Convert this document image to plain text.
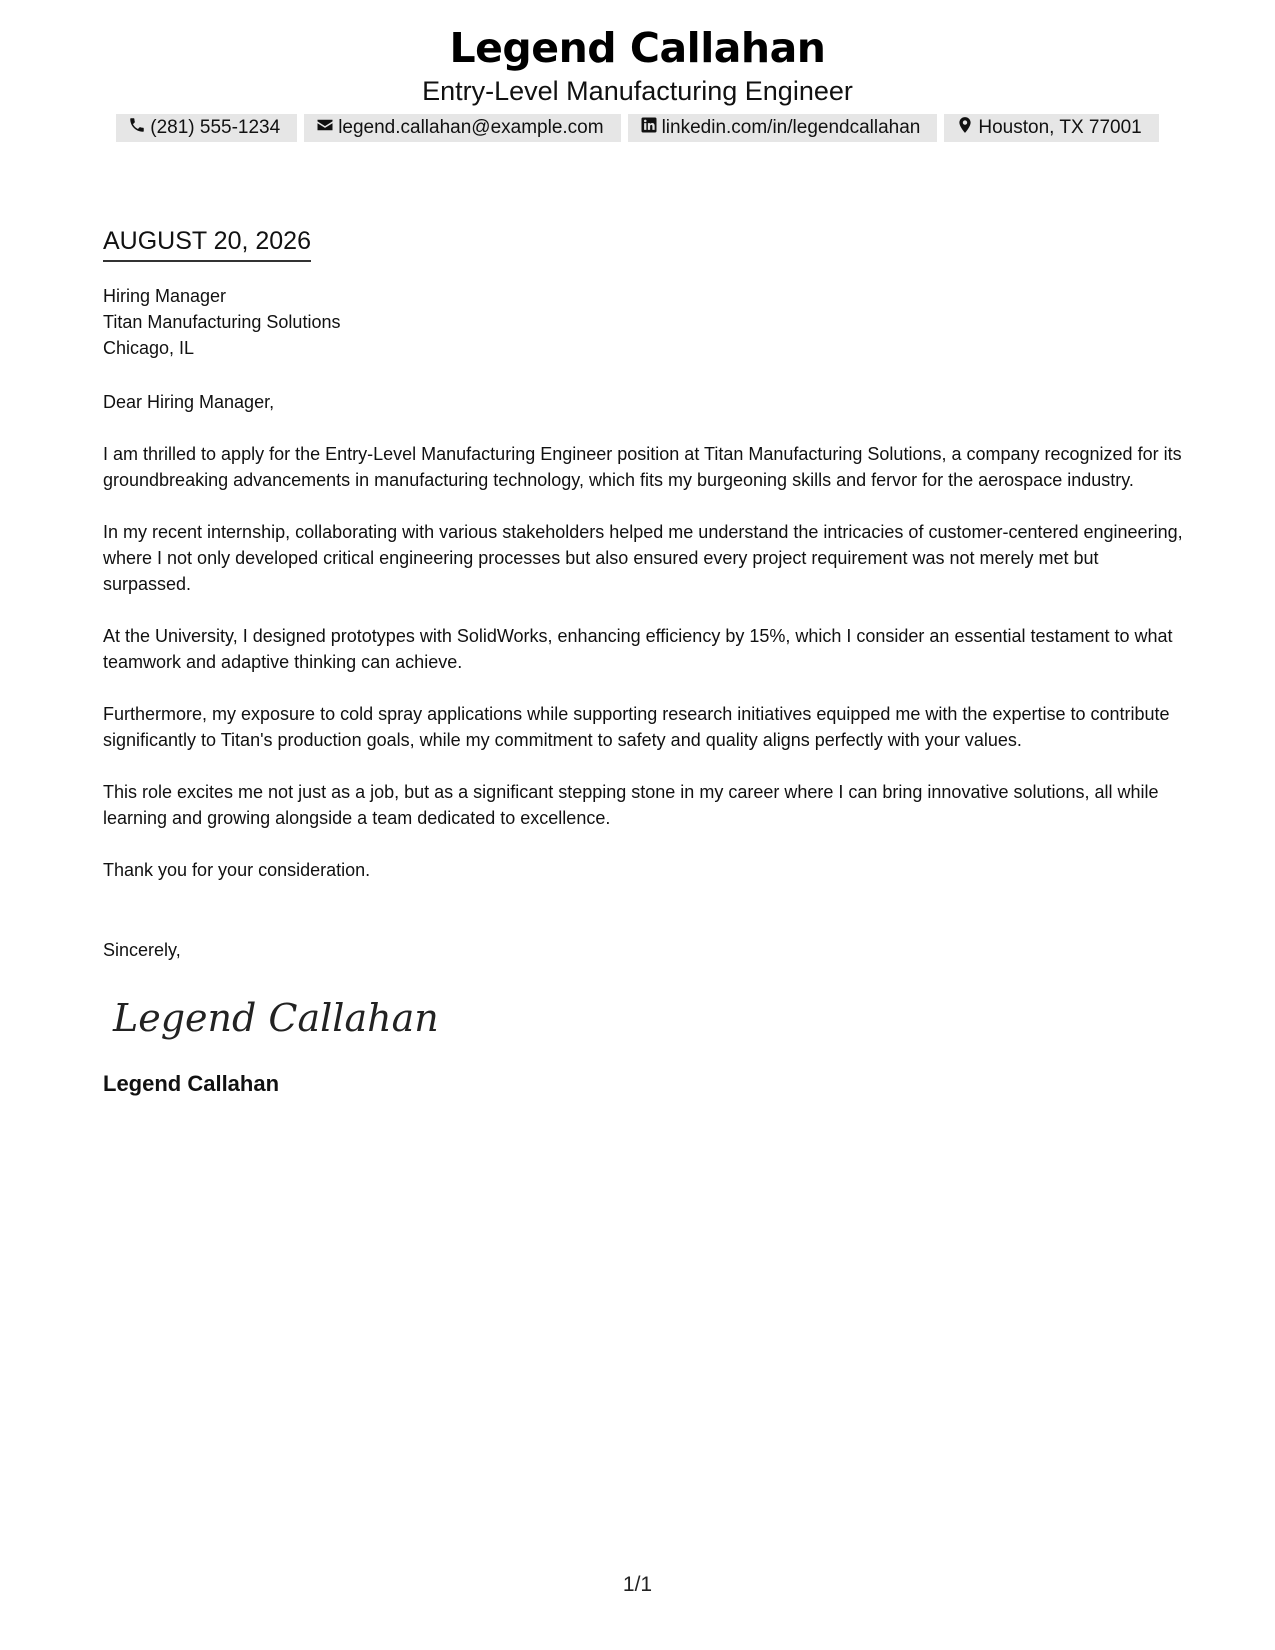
Legend Callahan
Entry-Level Manufacturing Engineer
(281) 555-1234	legend.callahan@example.com	linkedin.com/in/legendcallahan	Houston, TX 77001
AUGUST 20, 2026
Hiring Manager
Titan Manufacturing Solutions
Chicago, IL
Dear Hiring Manager,
I am thrilled to apply for the Entry-Level Manufacturing Engineer position at Titan Manufacturing Solutions, a company recognized for its groundbreaking advancements in manufacturing technology, which fits my burgeoning skills and fervor for the aerospace industry.
In my recent internship, collaborating with various stakeholders helped me understand the intricacies of customer-centered engineering, where I not only developed critical engineering processes but also ensured every project requirement was not merely met but surpassed.
At the University, I designed prototypes with SolidWorks, enhancing efficiency by 15%, which I consider an essential testament to what teamwork and adaptive thinking can achieve.
Furthermore, my exposure to cold spray applications while supporting research initiatives equipped me with the expertise to contribute significantly to Titan's production goals, while my commitment to safety and quality aligns perfectly with your values.
This role excites me not just as a job, but as a significant stepping stone in my career where I can bring innovative solutions, all while learning and growing alongside a team dedicated to excellence.
Thank you for your consideration.
Sincerely,
Legend Callahan
Legend Callahan
1/1
